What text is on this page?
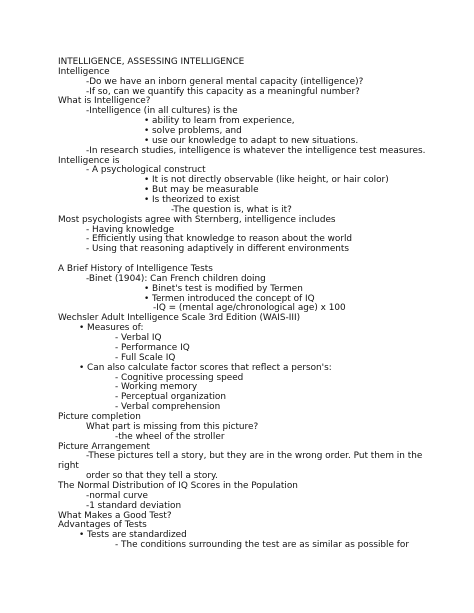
INTELLIGENCE, ASSESSING INTELLIGENCE
Intelligence
-Do we have an inborn general mental capacity (intelligence)?
-If so, can we quantify this capacity as a meaningful number?
What is Intelligence?
-Intelligence (in all cultures) is the
• ability to learn from experience,
• solve problems, and
• use our knowledge to adapt to new situations.
-In research studies, intelligence is whatever the intelligence test measures.
Intelligence is
- A psychological construct
• It is not directly observable (like height, or hair color)
• But may be measurable
• Is theorized to exist
-The question is, what is it?
Most psychologists agree with Sternberg, intelligence includes
- Having knowledge
- Efficiently using that knowledge to reason about the world
- Using that reasoning adaptively in different environments
A Brief History of Intelligence Tests
-Binet (1904): Can French children doing
• Binet's test is modified by Termen
• Termen introduced the concept of IQ
-IQ = (mental age/chronological age) x 100
Wechsler Adult Intelligence Scale 3rd Edition (WAIS-III)
• Measures of:
- Verbal IQ
- Performance IQ
- Full Scale IQ
• Can also calculate factor scores that reflect a person's:
- Cognitive processing speed
- Working memory
- Perceptual organization
- Verbal comprehension
Picture completion
What part is missing from this picture?
-the wheel of the stroller
Picture Arrangement
-These pictures tell a story, but they are in the wrong order. Put them in the
right
order so that they tell a story.
The Normal Distribution of IQ Scores in the Population
-normal curve
-1 standard deviation
What Makes a Good Test?
Advantages of Tests
• Tests are standardized
- The conditions surrounding the test are as similar as possible for
